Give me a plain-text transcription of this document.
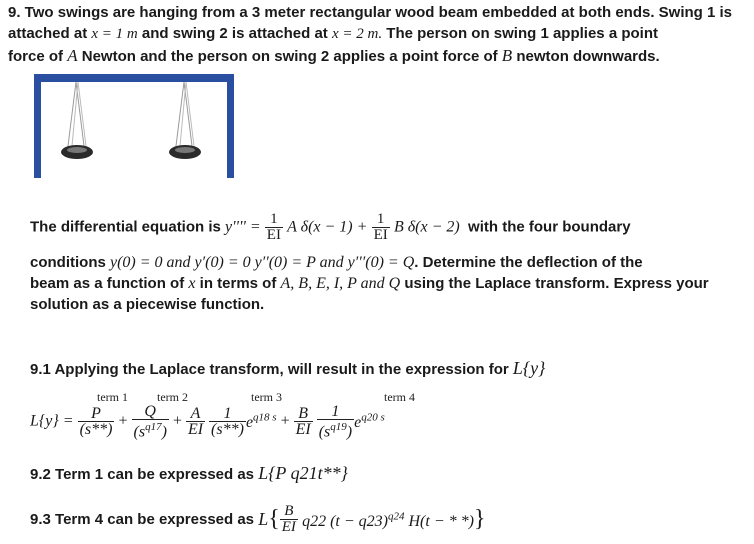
9. Two swings are hanging from a 3 meter rectangular wood beam embedded at both ends. Swing 1 is
attached at x = 1 m and swing 2 is attached at x = 2 m. The person on swing 1 applies a point
force of A Newton and the person on swing 2 applies a point force of B newton downwards.
The differential equation is $y'''' = \frac{1}{EI}$ A $\delta(x - 1) + \frac{1}{EI}$ B δ(x − 2) with the four boundary
conditions y(0) = 0 and y′(0) = 0 y′′(0) = P and y′′′(0) = Q. Determine the deflection of the
beam as a function of x in terms of A, B, E, I, P and Q using the Laplace transform. Express your
solution as a piecewise function.
9.1 Applying the Laplace transform, will result in the expression for L{y}
term 1 term 2	term 3	term 4
$L\{y\} = \frac{P}{(s**)} + \frac{Q}{(s^{q17})} + \frac{A}{EI}$
$\frac{1}{(s**)} e^{q18 s} + \frac{B}{EI}$
$\frac{1}{(s^{q19})} e^{q20 s}$
9.2 Term 1 can be expressed as L{P q21t**}
9.3 Term 4 can be expressed as $L\{ \frac{B}{EI} q22$ $(t - q23)^{q24}$ H(t − * *)}
